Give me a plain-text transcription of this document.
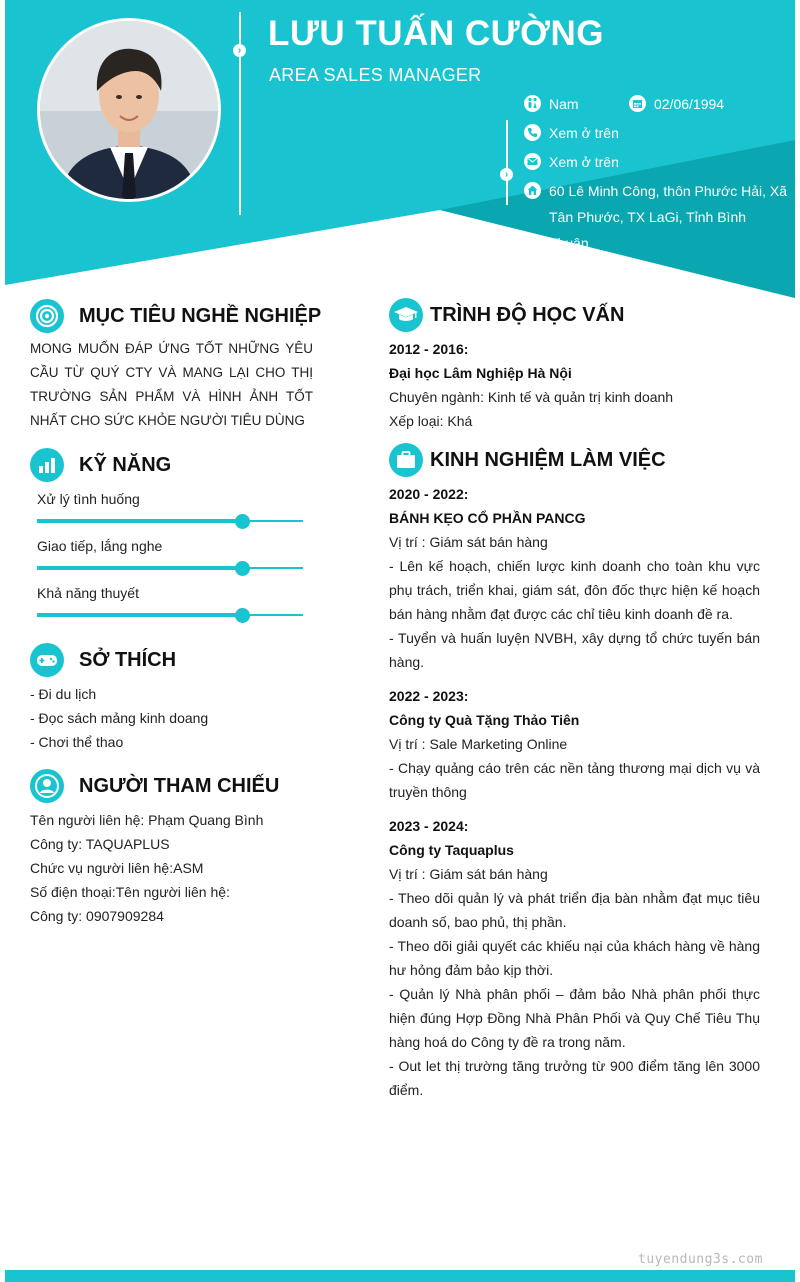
›
›
LƯU TUẤN CƯỜNG
AREA SALES MANAGER
Nam	02/06/1994
Xem ở trên
Xem ở trên
60 Lê Minh Công, thôn Phước Hải, Xã Tân Phước, TX LaGi, Tỉnh Bình Thuận
MỤC TIÊU NGHỀ NGHIỆP
MONG MUỐN ĐÁP ỨNG TỐT NHỮNG YÊU CẦU TỪ QUÝ CTY VÀ MANG LẠI CHO THỊ TRƯỜNG SẢN PHẨM VÀ HÌNH ẢNH TỐT NHẤT CHO SỨC KHỎE NGƯỜI TIÊU DÙNG
KỸ NĂNG
Xử lý tình huống
Giao tiếp, lắng nghe
Khả năng thuyết
SỞ THÍCH
- Đi du lịch
- Đọc sách mảng kinh doang
- Chơi thể thao
NGƯỜI THAM CHIẾU
Tên người liên hệ: Phạm Quang Bình
Công ty: TAQUAPLUS
Chức vụ người liên hệ:ASM
Số điện thoại:Tên người liên hệ:
Công ty: 0907909284
TRÌNH ĐỘ HỌC VẤN
2012 - 2016:
Đại học Lâm Nghiệp Hà Nội
Chuyên ngành: Kinh tế và quản trị kinh doanh
Xếp loại: Khá
KINH NGHIỆM LÀM VIỆC
2020 - 2022:
BÁNH KẸO CỔ PHẦN PANCG
Vị trí : Giám sát bán hàng
- Lên kế hoạch, chiến lược kinh doanh cho toàn khu vực phụ trách, triển khai, giám sát, đôn đốc thực hiện kế hoạch bán hàng nhằm đạt được các chỉ tiêu kinh doanh đề ra.
- Tuyển và huấn luyện NVBH, xây dựng tổ chức tuyến bán hàng.
2022 - 2023:
Công ty Quà Tặng Thảo Tiên
Vị trí : Sale Marketing Online
- Chạy quảng cáo trên các nền tảng thương mại dịch vụ và truyền thông
2023 - 2024:
Công ty Taquaplus
Vị trí : Giám sát bán hàng
- Theo dõi quản lý và phát triển địa bàn nhằm đạt mục tiêu doanh số, bao phủ, thị phần.
- Theo dõi giải quyết các khiếu nại của khách hàng về hàng hư hỏng đảm bảo kịp thời.
- Quản lý Nhà phân phối – đảm bảo Nhà phân phối thực hiện đúng Hợp Đồng Nhà Phân Phối và Quy Chế Tiêu Thụ hàng hoá do Công ty đề ra trong năm.
- Out let thị trường tăng trưởng từ 900 điểm tăng lên 3000 điểm.
tuyendung3s.com
